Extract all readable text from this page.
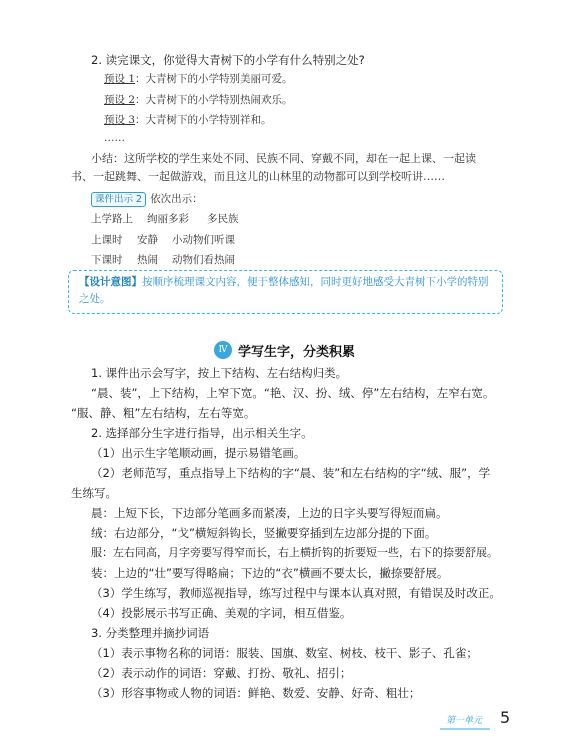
2. 读完课文，你觉得大青树下的小学有什么特别之处?
预设 1：大青树下的小学特别美丽可爱。
预设 2：大青树下的小学特别热闹欢乐。
预设 3：大青树下的小学特别祥和。
……
小结：这所学校的学生来处不同、民族不同、穿戴不同，却在一起上课、一起读
书、一起跳舞、一起做游戏，而且这儿的山林里的动物都可以到学校听讲……
课件出示 2 依次出示：
上学路上 绚丽多彩 多民族
上课时 安静 小动物们听课
下课时 热闹 动物们看热闹
【设计意图】按顺序梳理课文内容，便于整体感知，同时更好地感受大青树下小学的特别之处。
Ⅳ 学写生字，分类积累
1. 课件出示会写字，按上下结构、左右结构归类。
“晨、装”，上下结构，上窄下宽。“艳、汉、扮、绒、停”左右结构，左窄右宽。
“服、静、粗”左右结构，左右等宽。
2. 选择部分生字进行指导，出示相关生字。
（1）出示生字笔顺动画，提示易错笔画。
（2）老师范写，重点指导上下结构的字“晨、装”和左右结构的字“绒、服”，学
生练写。
晨：上短下长，下边部分笔画多而紧凑，上边的日字头要写得短而扁。
绒：右边部分，“戈”横短斜钩长，竖撇要穿插到左边部分提的下面。
服：左右同高，月字旁要写得窄而长，右上横折钩的折要短一些，右下的捺要舒展。
装：上边的“壮”要写得略扁；下边的“衣”横画不要太长，撇捺要舒展。
（3）学生练写，教师巡视指导，练写过程中与课本认真对照，有错误及时改正。
（4）投影展示书写正确、美观的字词，相互借鉴。
3. 分类整理并摘抄词语
（1）表示事物名称的词语：服装、国旗、数室、树枝、枝干、影子、孔雀；
（2）表示动作的词语：穿戴、打扮、敬礼、招引；
（3）形容事物或人物的词语：鲜艳、数爱、安静、好奇、粗壮；
第一单元 5
